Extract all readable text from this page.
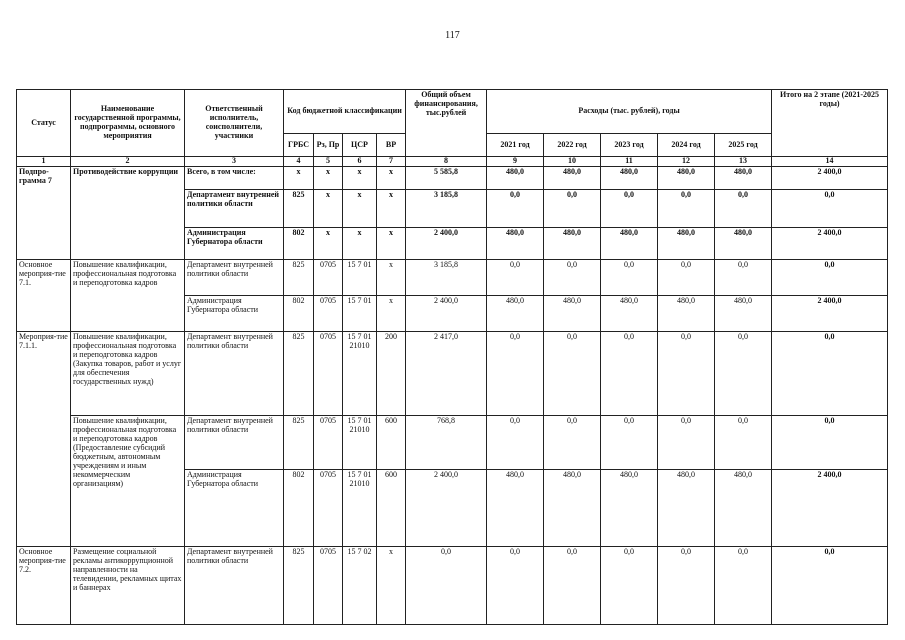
117
Статус	Наименование государственной программы, подпрограммы, основного мероприятия	Ответственный исполнитель, соисполнители, участники	Код бюджетной классификации				Общий объем финансирования, тыс.рублей	Расходы (тыс. рублей), годы					Итого на 2 этапе (2021-2025 годы)
			ГРБС	Рз, Пр	ЦСР	ВР		2021 год	2022 год	2023 год	2024 год	2025 год	
1	2	3	4	5	6	7	8	9	10	11	12	13	14
Подпро-грамма 7	Противодействие коррупции	Всего, в том числе:	x	x	x	x	5 585,8	480,0	480,0	480,0	480,0	480,0	2 400,0
		Департамент внутренней политики области	825	x	x	x	3 185,8	0,0	0,0	0,0	0,0	0,0	0,0
		Администрация Губернатора области	802	x	x	x	2 400,0	480,0	480,0	480,0	480,0	480,0	2 400,0
Основное мероприя-тие 7.1.	Повышение квалификации, профессиональная подготовка и переподготовка кадров	Департамент внутренней политики области	825	0705	15 7 01	x	3 185,8	0,0	0,0	0,0	0,0	0,0	0,0
		Администрация Губернатора области	802	0705	15 7 01	x	2 400,0	480,0	480,0	480,0	480,0	480,0	2 400,0
Мероприя-тие 7.1.1.	Повышение квалификации, профессиональная подготовка и переподготовка кадров (Закупка товаров, работ и услуг для обеспечения государственных нужд)	Департамент внутренней политики области	825	0705	15 7 01 21010	200	2 417,0	0,0	0,0	0,0	0,0	0,0	0,0
	Повышение квалификации, профессиональная подготовка и переподготовка кадров (Предоставление субсидий бюджетным, автономным учреждениям и иным некоммерческим организациям)	Департамент внутренней политики области	825	0705	15 7 01 21010	600	768,8	0,0	0,0	0,0	0,0	0,0	0,0
		Администрация Губернатора области	802	0705	15 7 01 21010	600	2 400,0	480,0	480,0	480,0	480,0	480,0	2 400,0
Основное мероприя-тие 7.2.	Размещение социальной рекламы антикоррупционной направленности на телевидении, рекламных щитах и баннерах	Департамент внутренней политики области	825	0705	15 7 02	x	0,0	0,0	0,0	0,0	0,0	0,0	0,0
